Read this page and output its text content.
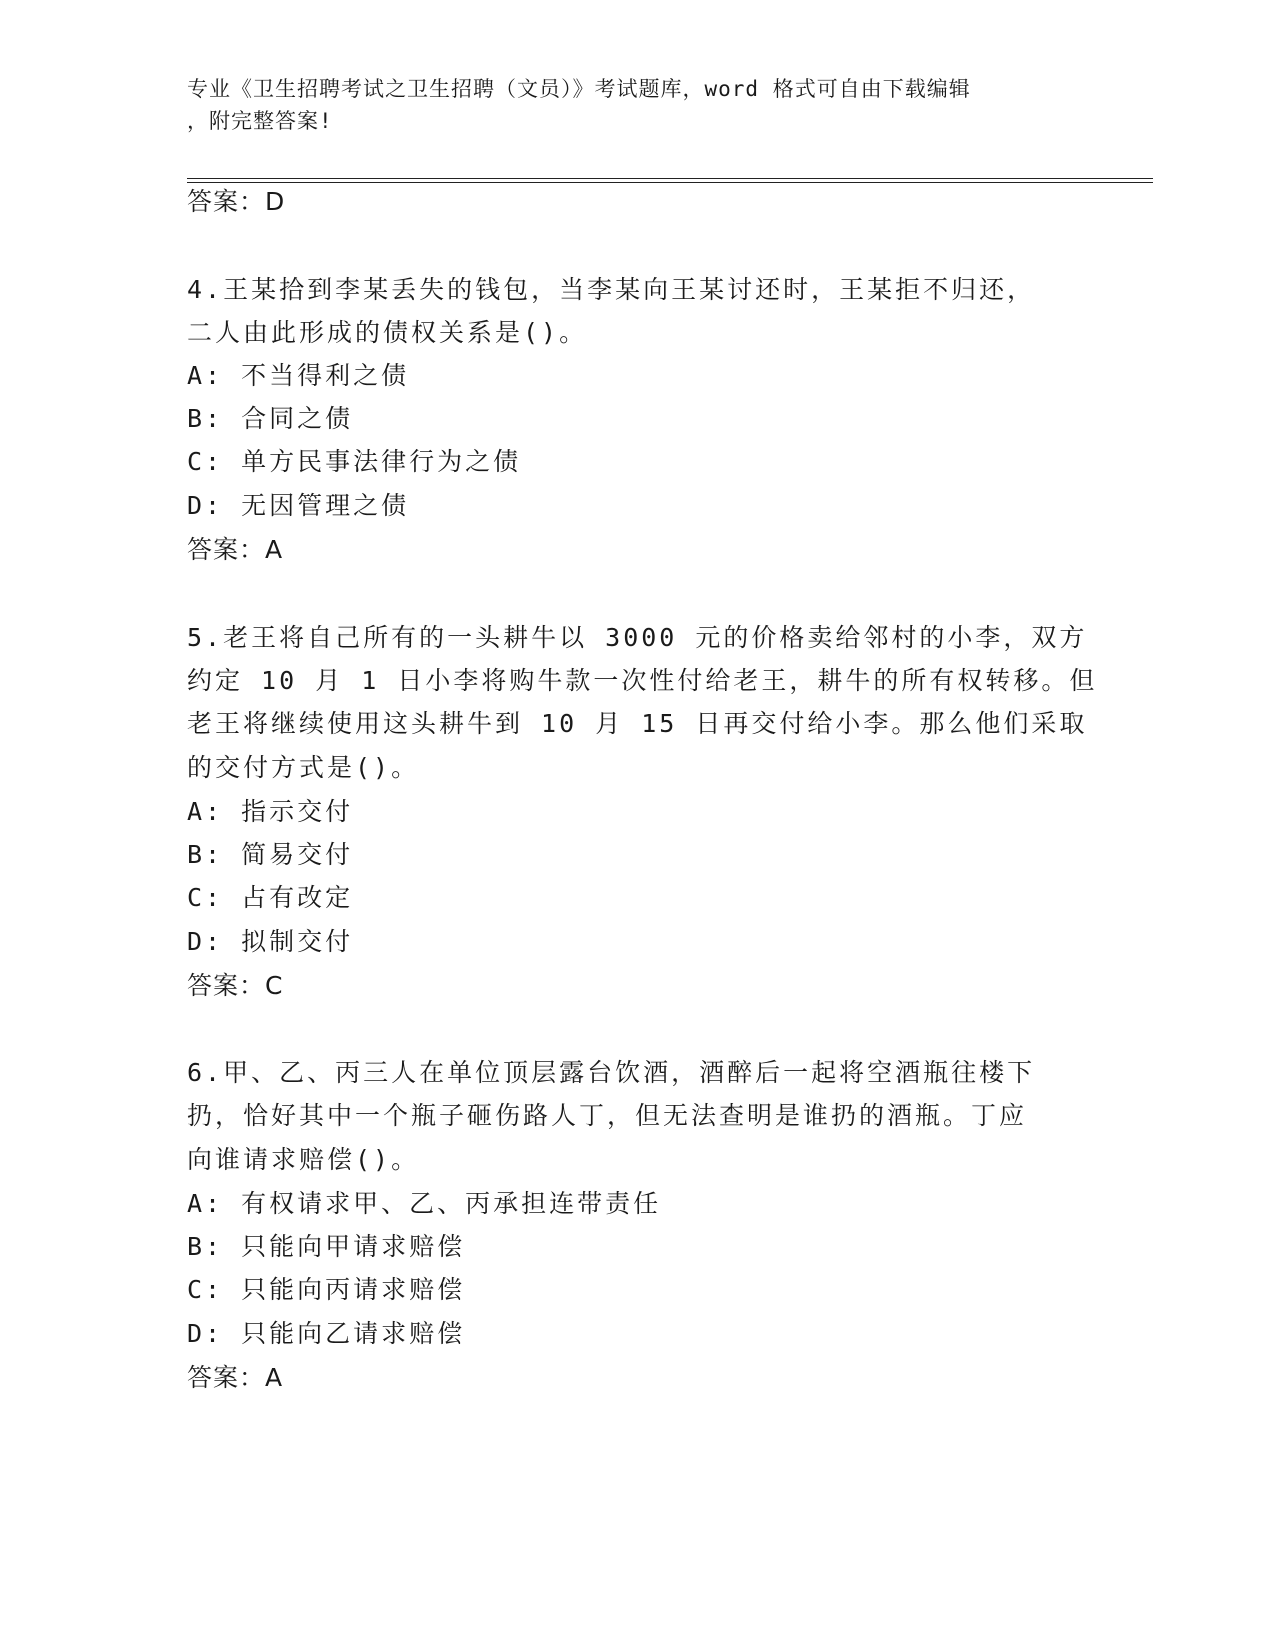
专业《卫生招聘考试之卫生招聘（文员）》考试题库，word 格式可自由下载编辑
，附完整答案!
答案：D
4.王某拾到李某丢失的钱包，当李某向王某讨还时，王某拒不归还，
二人由此形成的债权关系是()。
A: 不当得利之债
B: 合同之债
C: 单方民事法律行为之债
D: 无因管理之债
答案：A
5.老王将自己所有的一头耕牛以 3000 元的价格卖给邻村的小李，双方
约定 10 月 1 日小李将购牛款一次性付给老王，耕牛的所有权转移。但
老王将继续使用这头耕牛到 10 月 15 日再交付给小李。那么他们采取
的交付方式是()。
A: 指示交付
B: 简易交付
C: 占有改定
D: 拟制交付
答案：C
6.甲、乙、丙三人在单位顶层露台饮酒，酒醉后一起将空酒瓶往楼下
扔，恰好其中一个瓶子砸伤路人丁，但无法查明是谁扔的酒瓶。丁应
向谁请求赔偿()。
A: 有权请求甲、乙、丙承担连带责任
B: 只能向甲请求赔偿
C: 只能向丙请求赔偿
D: 只能向乙请求赔偿
答案：A
